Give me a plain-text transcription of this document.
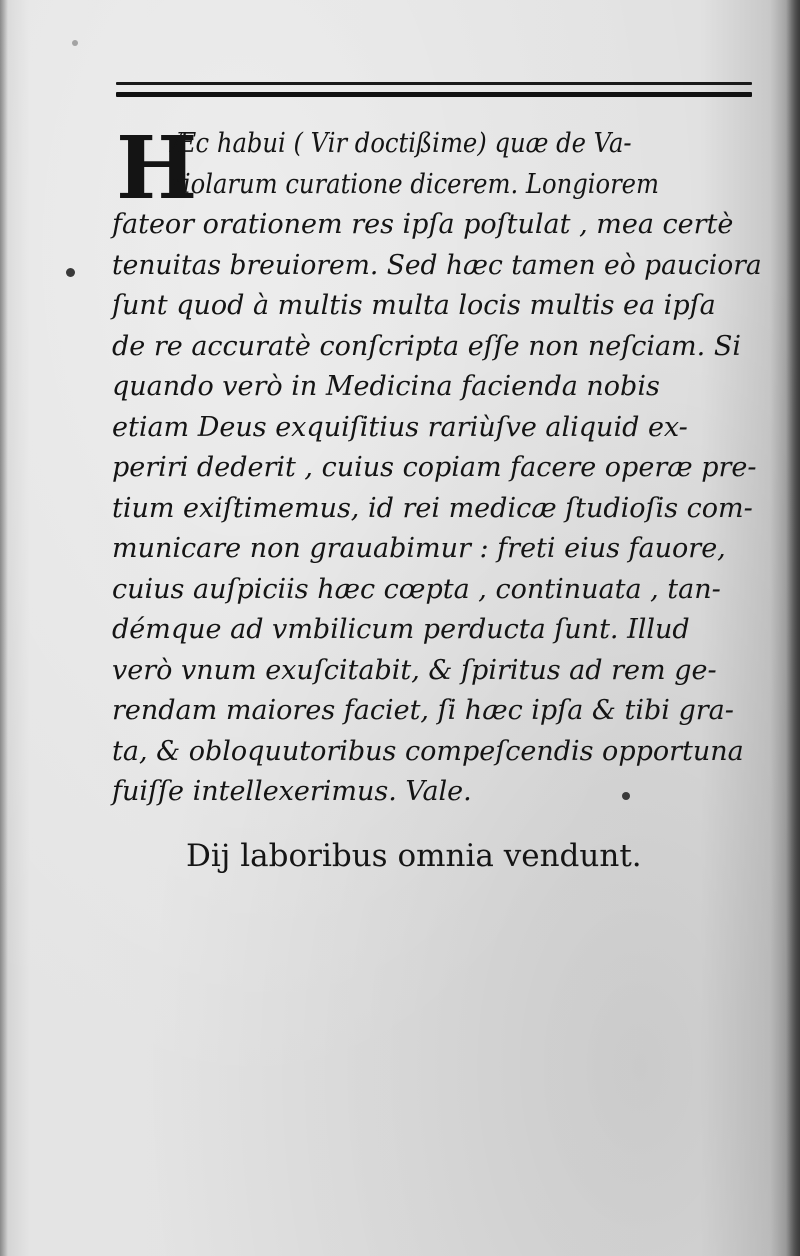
H
Æc habui ( Vir doctißime) quæ de Va-
riolarum curatione dicerem. Longiorem
fateor orationem res ipſa poſtulat , mea certè
tenuitas breuiorem. Sed hæc tamen eò pauciora
ſunt quod à multis multa locis multis ea ipſa
de re accuratè conſcripta eſſe non neſciam. Si
quando verò in Medicina facienda nobis
etiam Deus exquiſitius rariùſve aliquid ex-
periri dederit , cuius copiam facere operæ pre-
tium exiſtimemus, id rei medicæ ſtudioſis com-
municare non grauabimur : freti eius fauore,
cuius auſpiciis hæc cœpta , continuata , tan-
démque ad vmbilicum perducta ſunt. Illud
verò vnum exuſcitabit, & ſpiritus ad rem ge-
rendam maiores faciet, ſi hæc ipſa & tibi gra-
ta, & obloquutoribus compeſcendis opportuna
fuiſſe intellexerimus. Vale.
Dij laboribus omnia vendunt.
